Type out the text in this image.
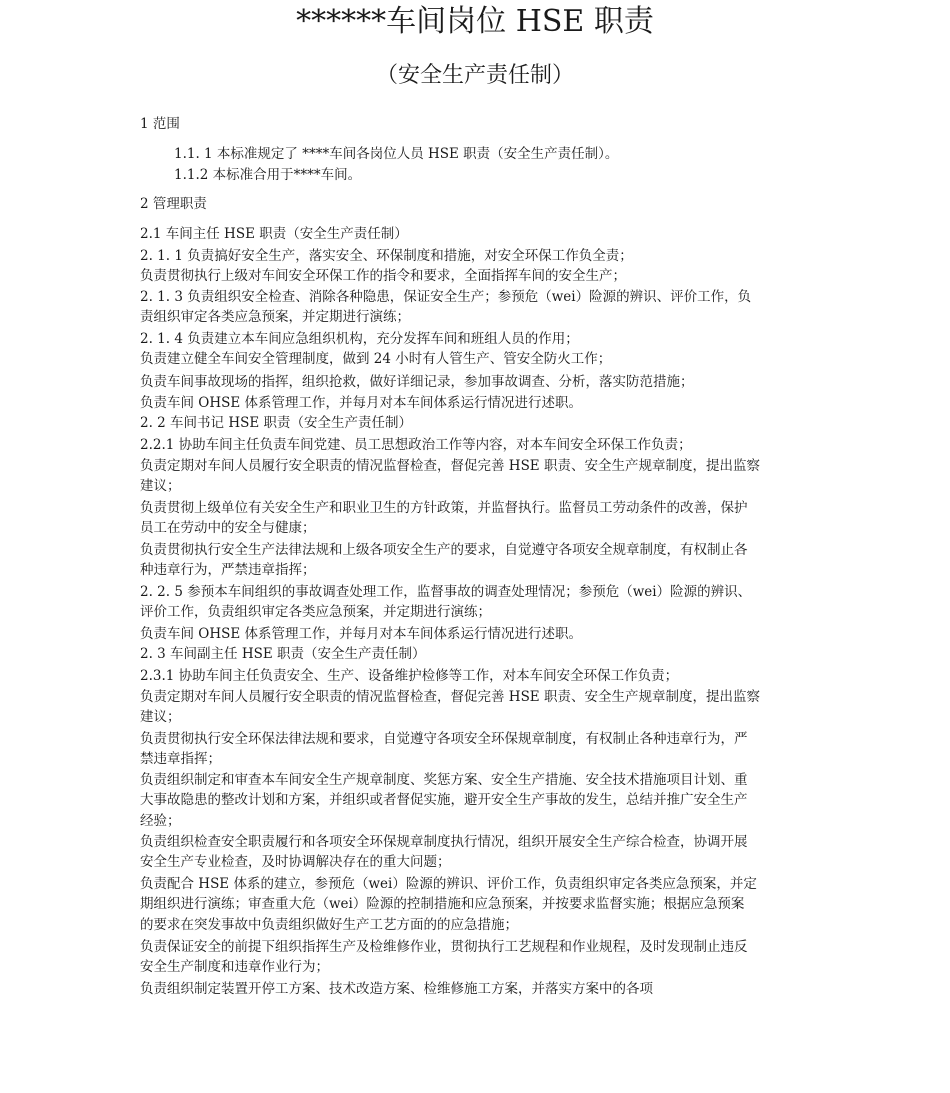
******车间岗位 HSE 职责
（安全生产责任制）
1 范围
1.1. 1 本标准规定了 ****车间各岗位人员 HSE 职责（安全生产责任制）。
1.1.2 本标准合用于****车间。
2 管理职责
2.1 车间主任 HSE 职责（安全生产责任制）
2. 1. 1 负责搞好安全生产，落实安全、环保制度和措施，对安全环保工作负全责；
负责贯彻执行上级对车间安全环保工作的指令和要求，全面指挥车间的安全生产；
2. 1. 3 负责组织安全检查、消除各种隐患，保证安全生产；参预危（wei）险源的辨识、评价工作，负
责组织审定各类应急预案，并定期进行演练；
2. 1. 4 负责建立本车间应急组织机构，充分发挥车间和班组人员的作用；
负责建立健全车间安全管理制度，做到 24 小时有人管生产、管安全防火工作；
负责车间事故现场的指挥，组织抢救，做好详细记录，参加事故调查、分析，落实防范措施；
负责车间 OHSE 体系管理工作，并每月对本车间体系运行情况进行述职。
2. 2 车间书记 HSE 职责（安全生产责任制）
2.2.1 协助车间主任负责车间党建、员工思想政治工作等内容，对本车间安全环保工作负责；
负责定期对车间人员履行安全职责的情况监督检查，督促完善 HSE 职责、安全生产规章制度，提出监察
建议；
负责贯彻上级单位有关安全生产和职业卫生的方针政策，并监督执行。监督员工劳动条件的改善，保护
员工在劳动中的安全与健康；
负责贯彻执行安全生产法律法规和上级各项安全生产的要求，自觉遵守各项安全规章制度，有权制止各
种违章行为，严禁违章指挥；
2. 2. 5 参预本车间组织的事故调查处理工作，监督事故的调查处理情况；参预危（wei）险源的辨识、
评价工作，负责组织审定各类应急预案，并定期进行演练；
负责车间 OHSE 体系管理工作，并每月对本车间体系运行情况进行述职。
2. 3 车间副主任 HSE 职责（安全生产责任制）
2.3.1 协助车间主任负责安全、生产、设备维护检修等工作，对本车间安全环保工作负责；
负责定期对车间人员履行安全职责的情况监督检查，督促完善 HSE 职责、安全生产规章制度，提出监察
建议；
负责贯彻执行安全环保法律法规和要求，自觉遵守各项安全环保规章制度，有权制止各种违章行为，严
禁违章指挥；
负责组织制定和审查本车间安全生产规章制度、奖惩方案、安全生产措施、安全技术措施项目计划、重
大事故隐患的整改计划和方案，并组织或者督促实施，避开安全生产事故的发生，总结并推广安全生产
经验；
负责组织检查安全职责履行和各项安全环保规章制度执行情况，组织开展安全生产综合检查，协调开展
安全生产专业检查，及时协调解决存在的重大问题；
负责配合 HSE 体系的建立，参预危（wei）险源的辨识、评价工作，负责组织审定各类应急预案，并定
期组织进行演练；审查重大危（wei）险源的控制措施和应急预案，并按要求监督实施；根据应急预案
的要求在突发事故中负责组织做好生产工艺方面的的应急措施；
负责保证安全的前提下组织指挥生产及检维修作业，贯彻执行工艺规程和作业规程，及时发现制止违反
安全生产制度和违章作业行为；
负责组织制定装置开停工方案、技术改造方案、检维修施工方案，并落实方案中的各项
